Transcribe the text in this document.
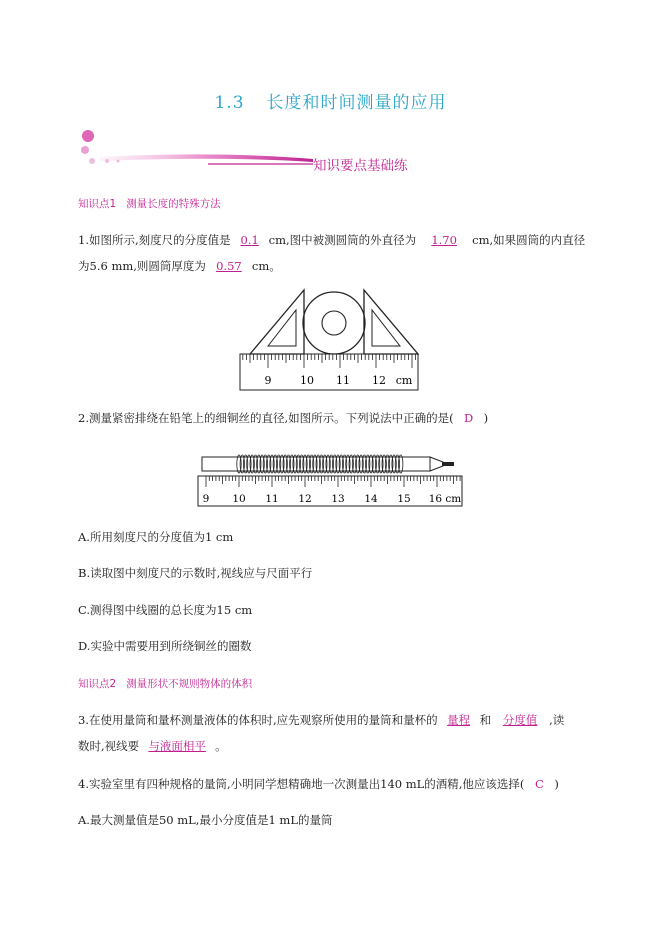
1.3 长度和时间测量的应用
知识要点基础练
知识点1 测量长度的特殊方法
1.如图所示,刻度尺的分度值是 0.1 cm,图中被测圆筒的外直径为 1.70 cm,如果圆筒的内直径
为5.6 mm,则圆筒厚度为 0.57 cm。
9	10 11 12 cm
2.测量紧密排绕在铅笔上的细铜丝的直径,如图所示。下列说法中正确的是( D )
9 10 11 12 13 14 15 16 cm
A.所用刻度尺的分度值为1 cm
B.读取图中刻度尺的示数时,视线应与尺面平行
C.测得图中线圈的总长度为15 cm
D.实验中需要用到所绕铜丝的圈数
知识点2 测量形状不规则物体的体积
3.在使用量筒和量杯测量液体的体积时,应先观察所使用的量筒和量杯的 量程 和 分度值 ,读
数时,视线要 与液面相平 。
4.实验室里有四种规格的量筒,小明同学想精确地一次测量出140 mL的酒精,他应该选择( C )
A.最大测量值是50 mL,最小分度值是1 mL的量筒
